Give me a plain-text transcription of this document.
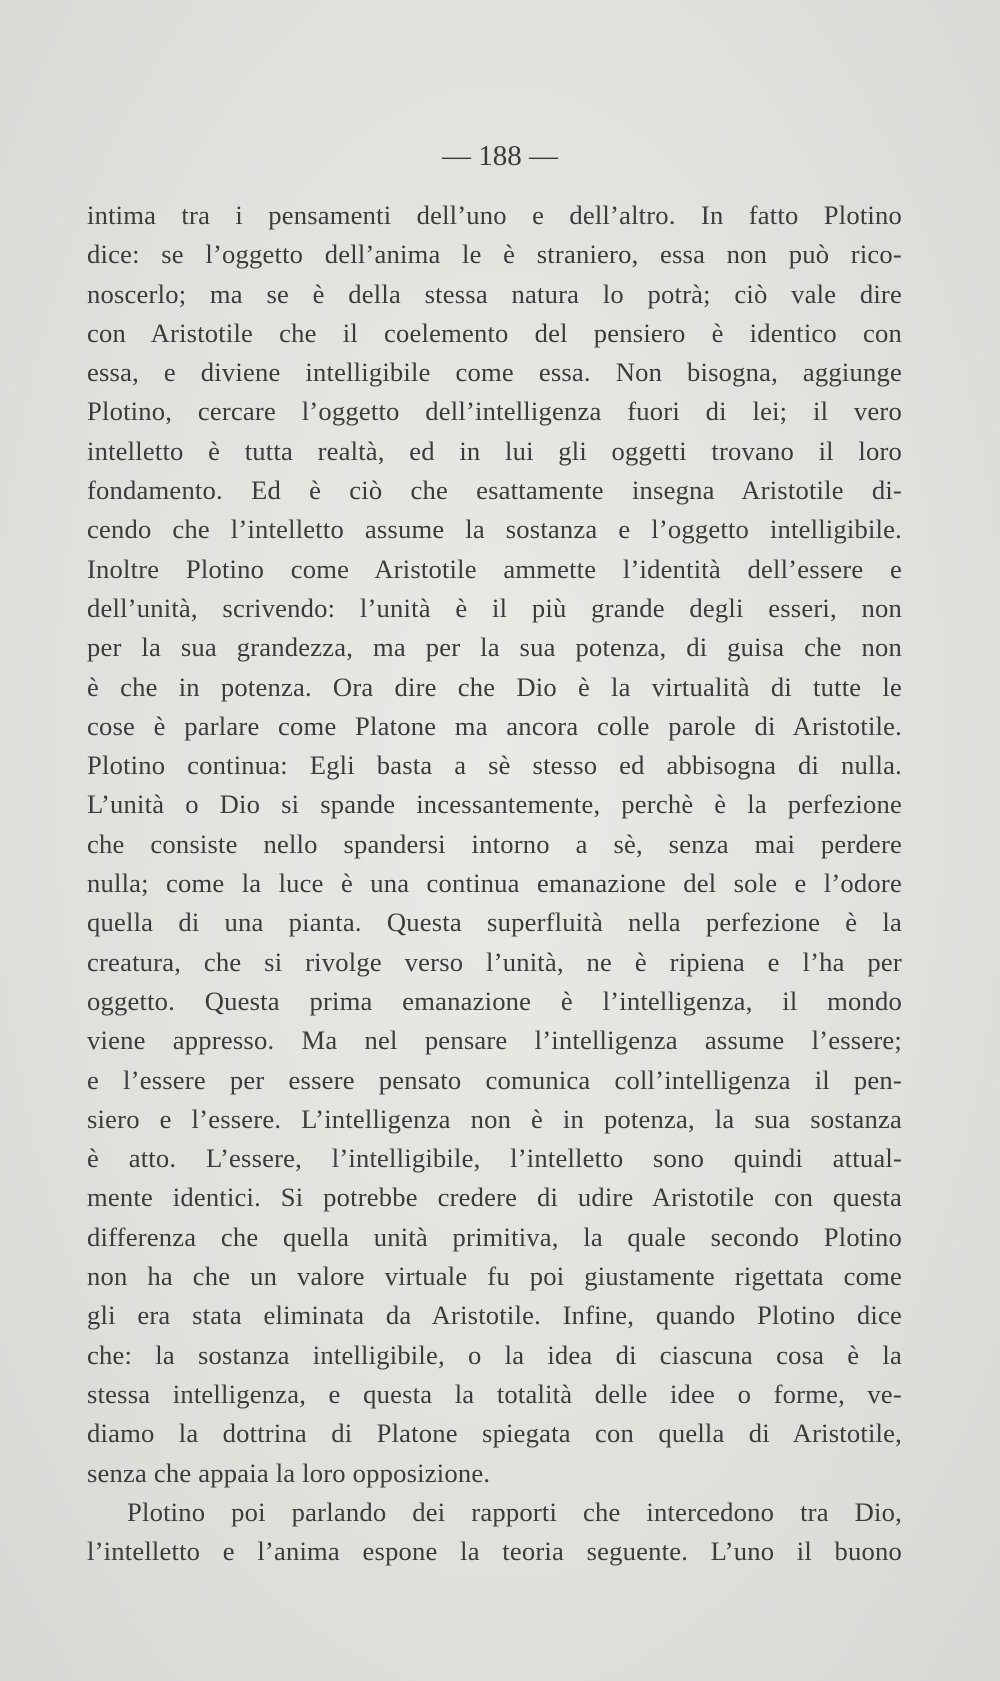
— 188 —
intima tra i pensamenti dell’uno e dell’altro. In fatto Plotino
dice: se l’oggetto dell’anima le è straniero, essa non può rico-
noscerlo; ma se è della stessa natura lo potrà; ciò vale dire
con Aristotile che il coelemento del pensiero è identico con
essa, e diviene intelligibile come essa. Non bisogna, aggiunge
Plotino, cercare l’oggetto dell’intelligenza fuori di lei; il vero
intelletto è tutta realtà, ed in lui gli oggetti trovano il loro
fondamento. Ed è ciò che esattamente insegna Aristotile di-
cendo che l’intelletto assume la sostanza e l’oggetto intelligibile.
Inoltre Plotino come Aristotile ammette l’identità dell’essere e
dell’unità, scrivendo: l’unità è il più grande degli esseri, non
per la sua grandezza, ma per la sua potenza, di guisa che non
è che in potenza. Ora dire che Dio è la virtualità di tutte le
cose è parlare come Platone ma ancora colle parole di Aristotile.
Plotino continua: Egli basta a sè stesso ed abbisogna di nulla.
L’unità o Dio si spande incessantemente, perchè è la perfezione
che consiste nello spandersi intorno a sè, senza mai perdere
nulla; come la luce è una continua emanazione del sole e l’odore
quella di una pianta. Questa superfluità nella perfezione è la
creatura, che si rivolge verso l’unità, ne è ripiena e l’ha per
oggetto. Questa prima emanazione è l’intelligenza, il mondo
viene appresso. Ma nel pensare l’intelligenza assume l’essere;
e l’essere per essere pensato comunica coll’intelligenza il pen-
siero e l’essere. L’intelligenza non è in potenza, la sua sostanza
è atto. L’essere, l’intelligibile, l’intelletto sono quindi attual-
mente identici. Si potrebbe credere di udire Aristotile con questa
differenza che quella unità primitiva, la quale secondo Plotino
non ha che un valore virtuale fu poi giustamente rigettata come
gli era stata eliminata da Aristotile. Infine, quando Plotino dice
che: la sostanza intelligibile, o la idea di ciascuna cosa è la
stessa intelligenza, e questa la totalità delle idee o forme, ve-
diamo la dottrina di Platone spiegata con quella di Aristotile,
senza che appaia la loro opposizione.
Plotino poi parlando dei rapporti che intercedono tra Dio,
l’intelletto e l’anima espone la teoria seguente. L’uno il buono
